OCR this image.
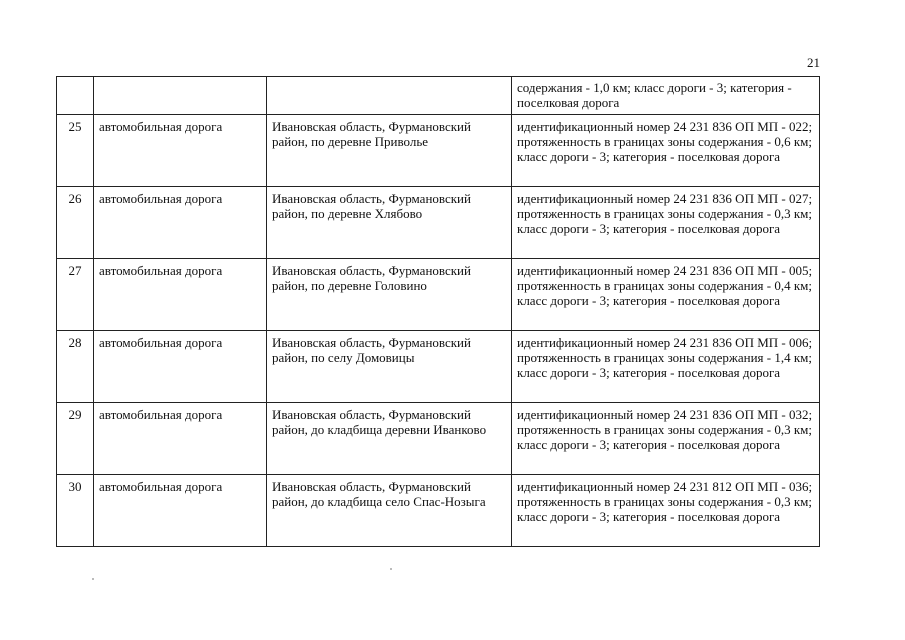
21
			содержания - 1,0 км; класс дороги - 3; категория - поселковая дорога
25	автомобильная дорога	Ивановская область, Фурмановский район, по деревне Приволье	идентификационный номер 24 231 836 ОП МП - 022; протяженность в границах зоны содержания - 0,6 км; класс дороги - 3; категория - поселковая дорога
26	автомобильная дорога	Ивановская область, Фурмановский район, по деревне Хлябово	идентификационный номер 24 231 836 ОП МП - 027; протяженность в границах зоны содержания - 0,3 км; класс дороги - 3; категория - поселковая дорога
27	автомобильная дорога	Ивановская область, Фурмановский район, по деревне Головино	идентификационный номер 24 231 836 ОП МП - 005; протяженность в границах зоны содержания - 0,4 км; класс дороги - 3; категория - поселковая дорога
28	автомобильная дорога	Ивановская область, Фурмановский район, по селу Домовицы	идентификационный номер 24 231 836 ОП МП - 006; протяженность в границах зоны содержания - 1,4 км; класс дороги - 3; категория - поселковая дорога
29	автомобильная дорога	Ивановская область, Фурмановский район, до кладбища деревни Иванково	идентификационный номер 24 231 836 ОП МП - 032; протяженность в границах зоны содержания - 0,3 км; класс дороги - 3; категория - поселковая дорога
30	автомобильная дорога	Ивановская область, Фурмановский район, до кладбища село Спас-Нозыга	идентификационный номер 24 231 812 ОП МП - 036; протяженность в границах зоны содержания - 0,3 км; класс дороги - 3; категория - поселковая дорога
